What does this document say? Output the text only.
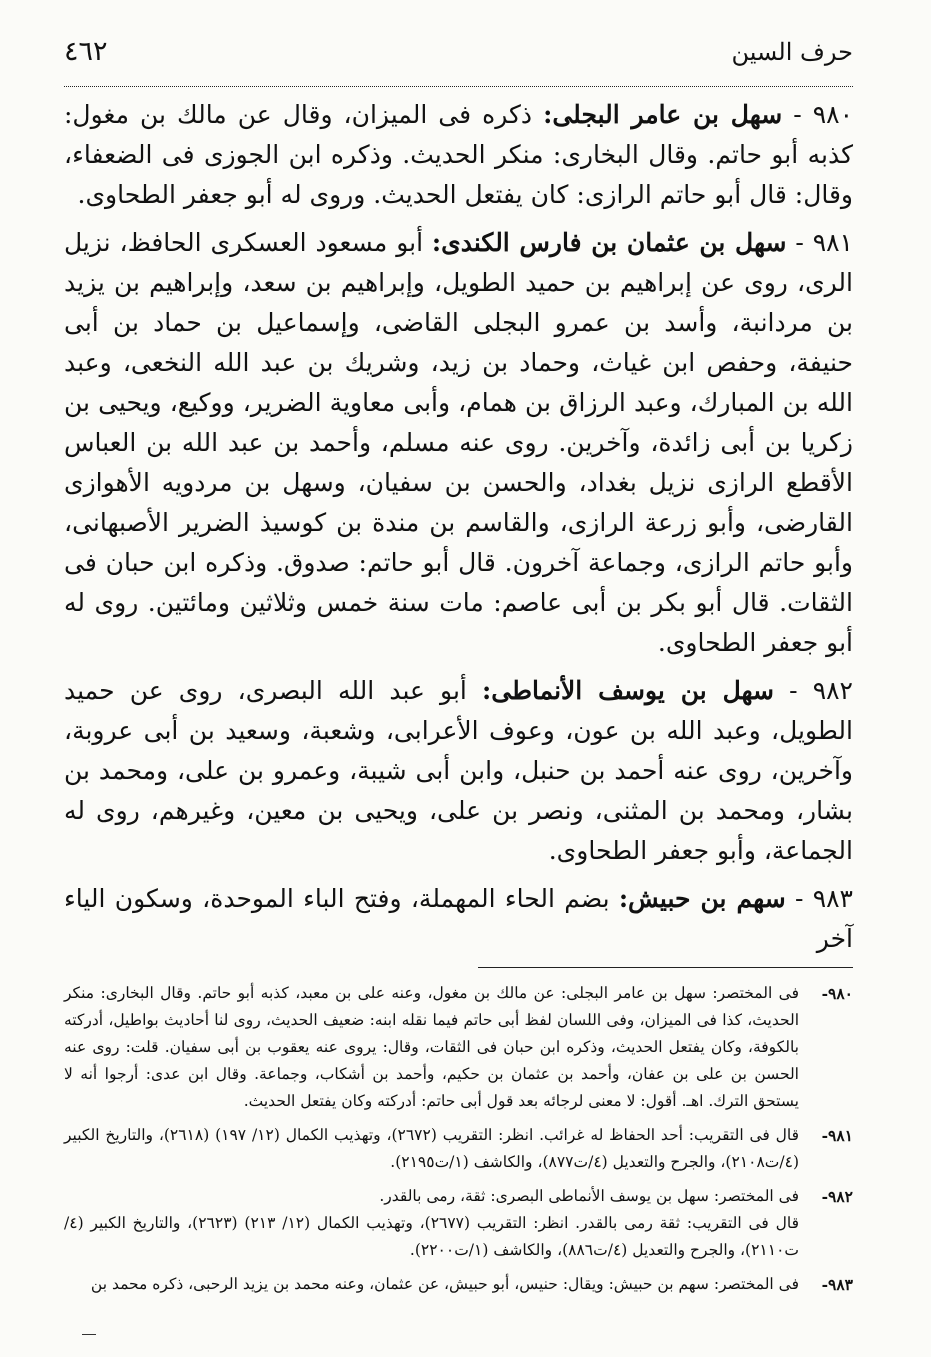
حرف السين
٤٦٢

٩٨٠ - سهل بن عامر البجلى: ذكره فى الميزان، وقال عن مالك بن مغول: كذبه أبو حاتم. وقال البخارى: منكر الحديث. وذكره ابن الجوزى فى الضعفاء، وقال: قال أبو حاتم الرازى: كان يفتعل الحديث. وروى له أبو جعفر الطحاوى.

٩٨١ - سهل بن عثمان بن فارس الكندى: أبو مسعود العسكرى الحافظ، نزيل الرى، روى عن إبراهيم بن حميد الطويل، وإبراهيم بن سعد، وإبراهيم بن يزيد بن مردانبة، وأسد بن عمرو البجلى القاضى، وإسماعيل بن حماد بن أبى حنيفة، وحفص ابن غياث، وحماد بن زيد، وشريك بن عبد الله النخعى، وعبد الله بن المبارك، وعبد الرزاق بن همام، وأبى معاوية الضرير، ووكيع، ويحيى بن زكريا بن أبى زائدة، وآخرين. روى عنه مسلم، وأحمد بن عبد الله بن العباس الأقطع الرازى نزيل بغداد، والحسن بن سفيان، وسهل بن مردويه الأهوازى القارضى، وأبو زرعة الرازى، والقاسم بن مندة بن كوسيذ الضرير الأصبهانى، وأبو حاتم الرازى، وجماعة آخرون. قال أبو حاتم: صدوق. وذكره ابن حبان فى الثقات. قال أبو بكر بن أبى عاصم: مات سنة خمس وثلاثين ومائتين. روى له أبو جعفر الطحاوى.

٩٨٢ - سهل بن يوسف الأنماطى: أبو عبد الله البصرى، روى عن حميد الطويل، وعبد الله بن عون، وعوف الأعرابى، وشعبة، وسعيد بن أبى عروبة، وآخرين، روى عنه أحمد بن حنبل، وابن أبى شيبة، وعمرو بن على، ومحمد بن بشار، ومحمد بن المثنى، ونصر بن على، ويحيى بن معين، وغيرهم، روى له الجماعة، وأبو جعفر الطحاوى.

٩٨٣ - سهم بن حبيش: بضم الحاء المهملة، وفتح الباء الموحدة، وسكون الياء آخر

٩٨٠-
فى المختصر: سهل بن عامر البجلى: عن مالك بن مغول، وعنه على بن معبد، كذبه أبو حاتم. وقال البخارى: منكر الحديث، كذا فى الميزان، وفى اللسان لفظ أبى حاتم فيما نقله ابنه: ضعيف الحديث، روى لنا أحاديث بواطيل، أدركته بالكوفة، وكان يفتعل الحديث، وذكره ابن حبان فى الثقات، وقال: يروى عنه يعقوب بن أبى سفيان. قلت: روى عنه الحسن بن على بن عفان، وأحمد بن عثمان بن حكيم، وأحمد بن أشكاب، وجماعة. وقال ابن عدى: أرجوا أنه لا يستحق الترك. اهـ. أقول: لا معنى لرجائه بعد قول أبى حاتم: أدركته وكان يفتعل الحديث.
٩٨١-
قال فى التقريب: أحد الحفاظ له غرائب. انظر: التقريب (٢٦٧٢)، وتهذيب الكمال (١٢/ ١٩٧) (٢٦١٨)، والتاريخ الكبير (٤/ت٢١٠٨)، والجرح والتعديل (٤/ت٨٧٧)، والكاشف (١/ت٢١٩٥).
٩٨٢-
فى المختصر: سهل بن يوسف الأنماطى البصرى: ثقة، رمى بالقدر.
قال فى التقريب: ثقة رمى بالقدر. انظر: التقريب (٢٦٧٧)، وتهذيب الكمال (١٢/ ٢١٣) (٢٦٢٣)، والتاريخ الكبير (٤/ت٢١١٠)، والجرح والتعديل (٤/ت٨٨٦)، والكاشف (١/ت٢٢٠٠).
٩٨٣-
فى المختصر: سهم بن حبيش: ويقال: حنيس، أبو حبيش، عن عثمان، وعنه محمد بن يزيد الرحبى، ذكره محمد بن
